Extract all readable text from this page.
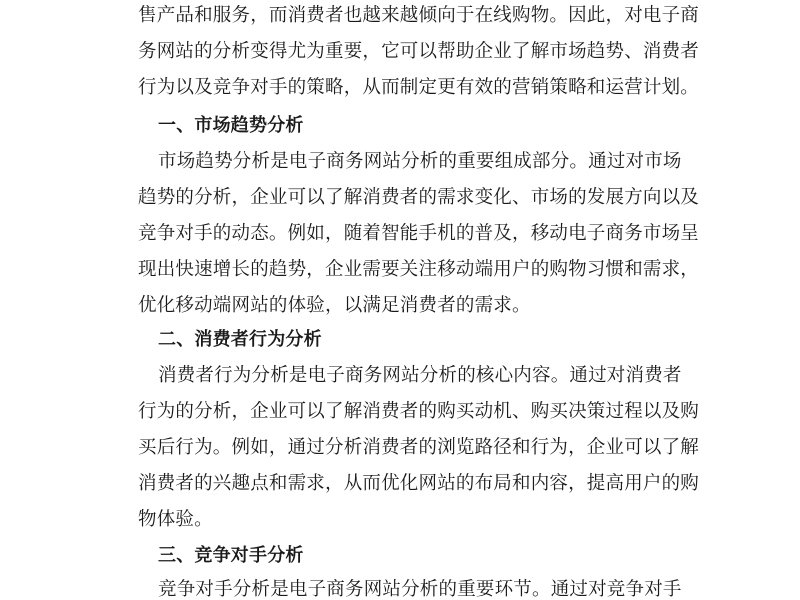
售产品和服务，而消费者也越来越倾向于在线购物。因此，对电子商
务网站的分析变得尤为重要，它可以帮助企业了解市场趋势、消费者
行为以及竞争对手的策略，从而制定更有效的营销策略和运营计划。
一、市场趋势分析
市场趋势分析是电子商务网站分析的重要组成部分。通过对市场
趋势的分析，企业可以了解消费者的需求变化、市场的发展方向以及
竞争对手的动态。例如，随着智能手机的普及，移动电子商务市场呈
现出快速增长的趋势，企业需要关注移动端用户的购物习惯和需求，
优化移动端网站的体验，以满足消费者的需求。
二、消费者行为分析
消费者行为分析是电子商务网站分析的核心内容。通过对消费者
行为的分析，企业可以了解消费者的购买动机、购买决策过程以及购
买后行为。例如，通过分析消费者的浏览路径和行为，企业可以了解
消费者的兴趣点和需求，从而优化网站的布局和内容，提高用户的购
物体验。
三、竞争对手分析
竞争对手分析是电子商务网站分析的重要环节。通过对竞争对手
